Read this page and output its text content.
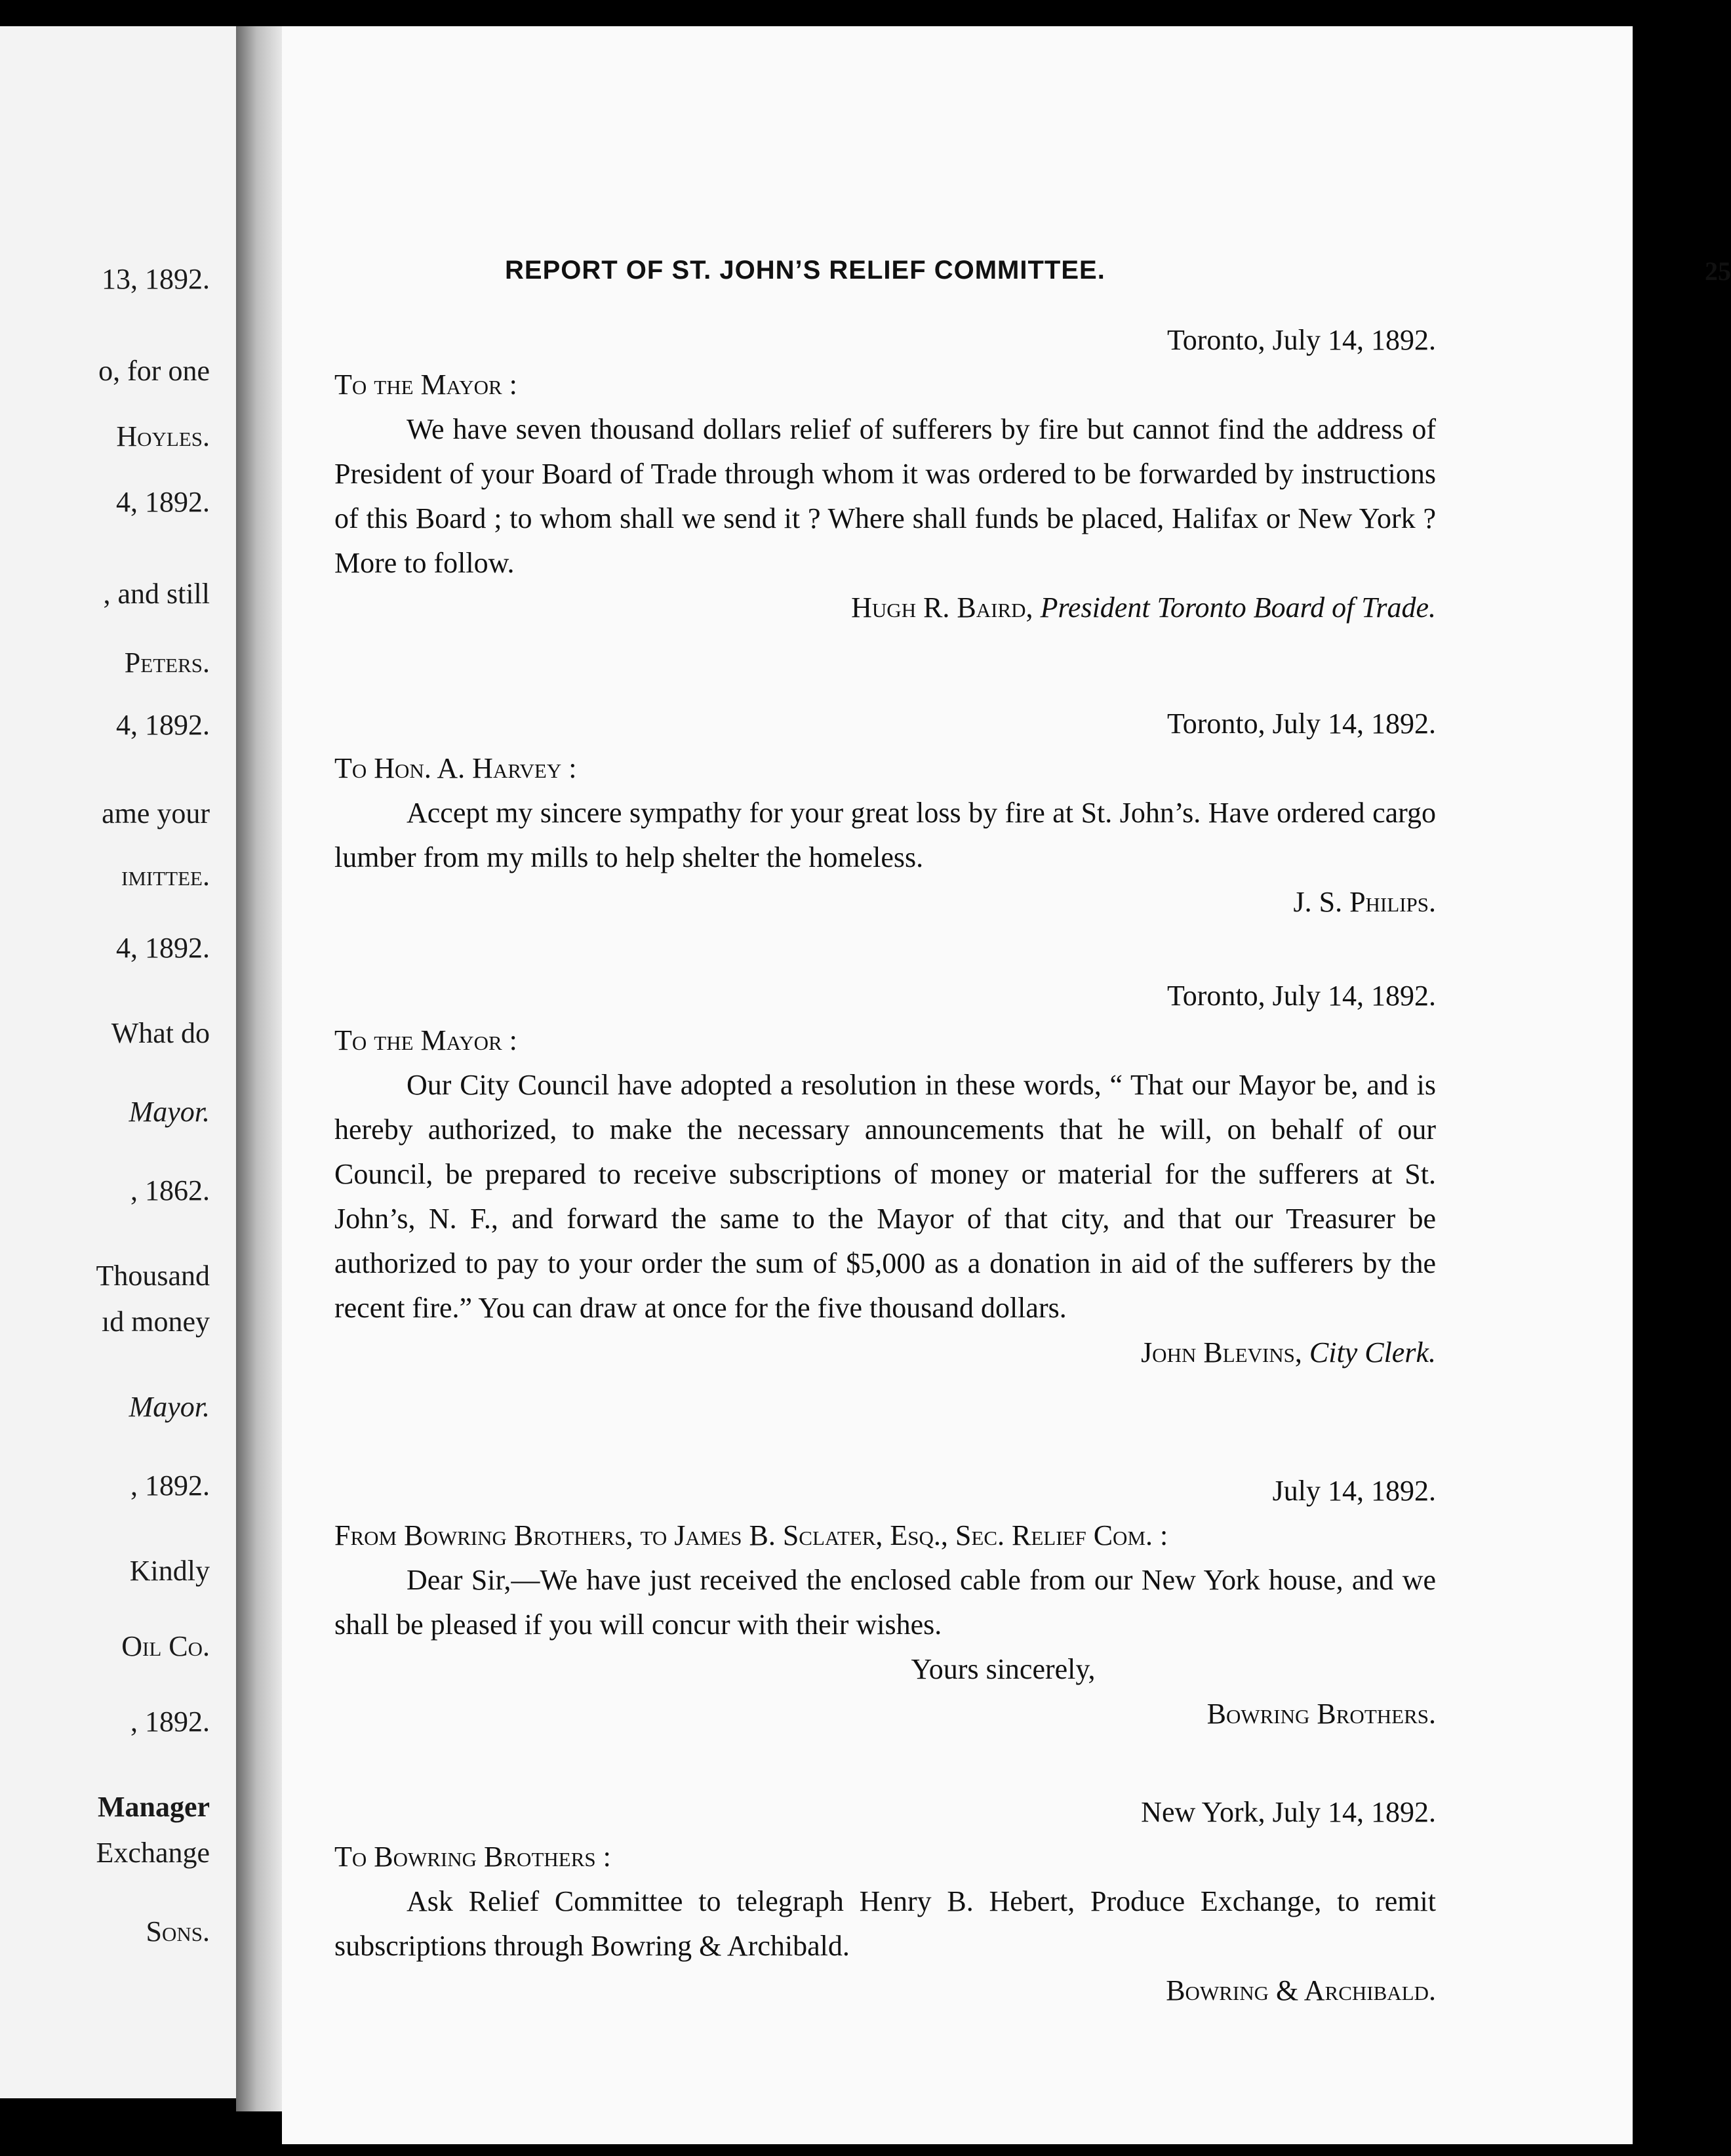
13, 1892.
o, for one
Hoyles.
4, 1892.
, and still
Peters.
4, 1892.
ame your
imittee.
4, 1892.
What do
Mayor.
, 1862.
Thousand
ıd money
Mayor.
, 1892.
Kindly
Oil Co.
, 1892.
Manager
Exchange
Sons.
REPORT OF ST. JOHN’S RELIEF COMMITTEE.	25
Toronto, July 14, 1892.
To the Mayor :
We have seven thousand dollars relief of sufferers by fire but cannot find the address of President of your Board of Trade through whom it was ordered to be forwarded by instructions of this Board ; to whom shall we send it ? Where shall funds be placed, Halifax or New York ? More to follow.
Hugh R. Baird, President Toronto Board of Trade.
Toronto, July 14, 1892.
To Hon. A. Harvey :
Accept my sincere sympathy for your great loss by fire at St. John’s. Have ordered cargo lumber from my mills to help shelter the homeless.
J. S. Philips.
Toronto, July 14, 1892.
To the Mayor :
Our City Council have adopted a resolution in these words, “ That our Mayor be, and is hereby authorized, to make the necessary announcements that he will, on behalf of our Council, be prepared to receive subscriptions of money or material for the sufferers at St. John’s, N. F., and forward the same to the Mayor of that city, and that our Treasurer be authorized to pay to your order the sum of $5,000 as a donation in aid of the sufferers by the recent fire.” You can draw at once for the five thousand dollars.
John Blevins, City Clerk.
July 14, 1892.
From Bowring Brothers, to James B. Sclater, Esq., Sec. Relief Com. :
Dear Sir,—We have just received the enclosed cable from our New York house, and we shall be pleased if you will concur with their wishes.
Yours sincerely,
Bowring Brothers.
New York, July 14, 1892.
To Bowring Brothers :
Ask Relief Committee to telegraph Henry B. Hebert, Produce Exchange, to remit subscriptions through Bowring & Archibald.
Bowring & Archibald.
